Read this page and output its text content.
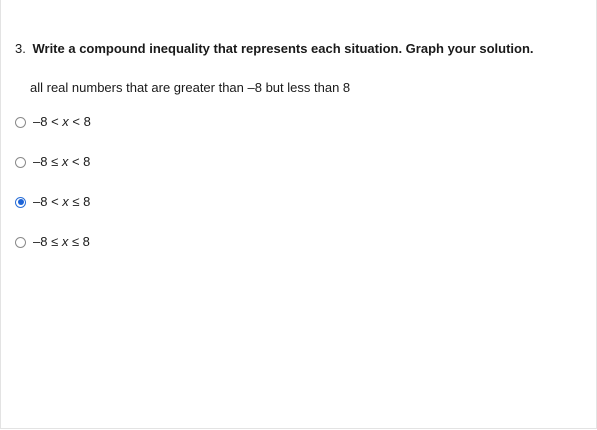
3. Write a compound inequality that represents each situation. Graph your solution.
all real numbers that are greater than –8 but less than 8
–8 < x < 8
–8 ≤ x < 8
–8 < x ≤ 8
–8 ≤ x ≤ 8
